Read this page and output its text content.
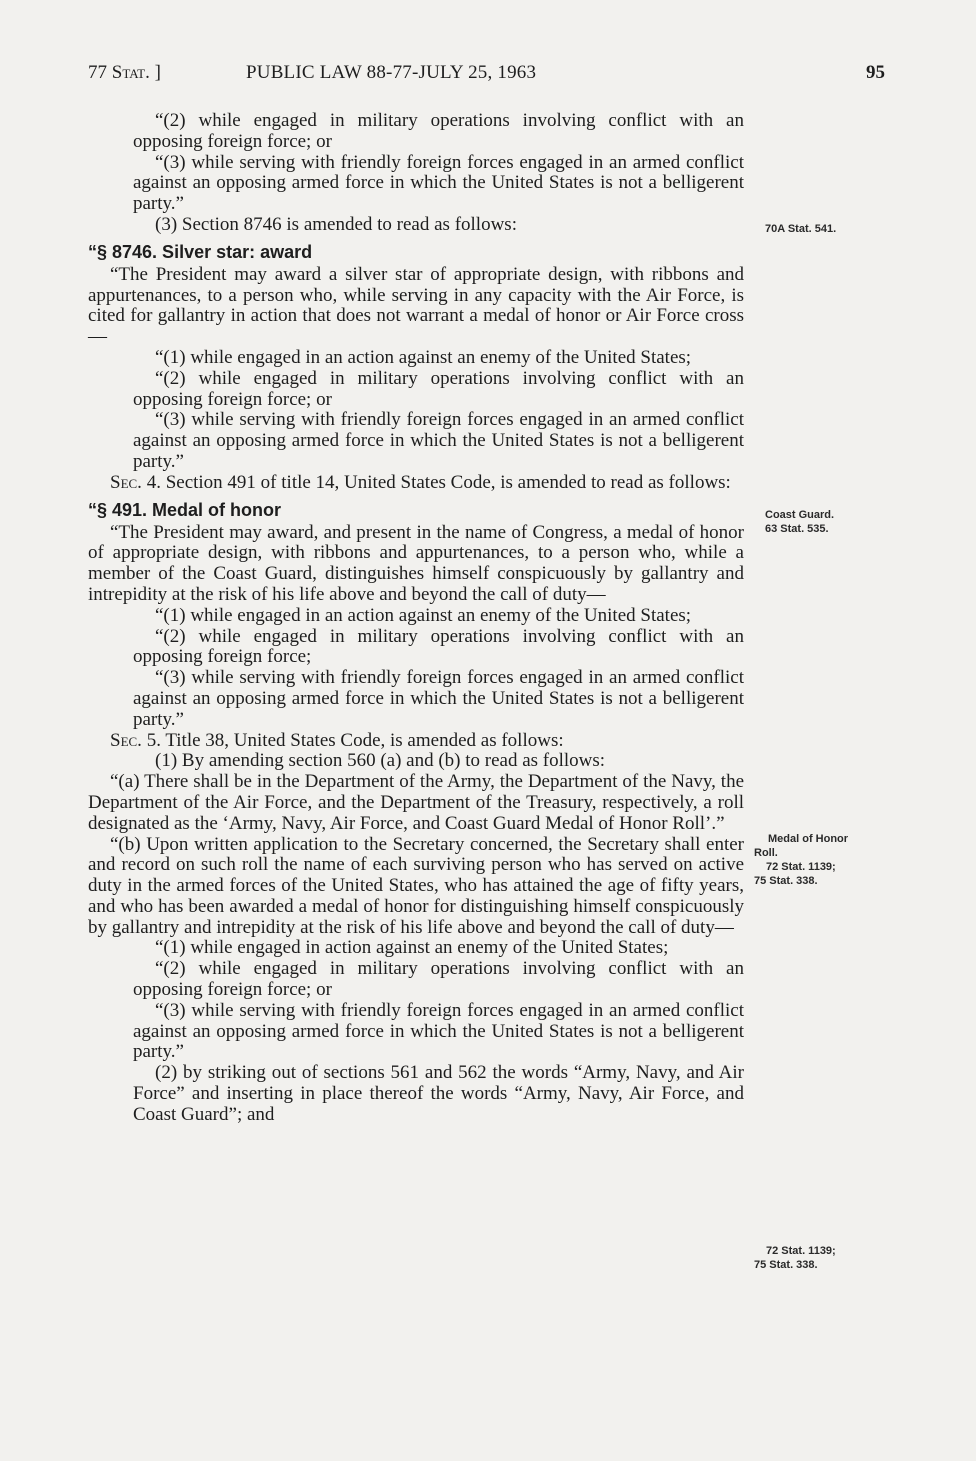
77 Stat. ]	PUBLIC LAW 88-77-JULY 25, 1963	95

“(2) while engaged in military operations involving conflict with an opposing foreign force; or

“(3) while serving with friendly foreign forces engaged in an armed conflict against an opposing armed force in which the United States is not a belligerent party.”

(3) Section 8746 is amended to read as follows:

“§ 8746. Silver star: award

“The President may award a silver star of appropriate design, with ribbons and appurtenances, to a person who, while serving in any capacity with the Air Force, is cited for gallantry in action that does not warrant a medal of honor or Air Force cross—

“(1) while engaged in an action against an enemy of the United States;

“(2) while engaged in military operations involving conflict with an opposing foreign force; or

“(3) while serving with friendly foreign forces engaged in an armed conflict against an opposing armed force in which the United States is not a belligerent party.”

Sec. 4. Section 491 of title 14, United States Code, is amended to read as follows:

“§ 491. Medal of honor

“The President may award, and present in the name of Congress, a medal of honor of appropriate design, with ribbons and appurtenances, to a person who, while a member of the Coast Guard, distinguishes himself conspicuously by gallantry and intrepidity at the risk of his life above and beyond the call of duty—

“(1) while engaged in an action against an enemy of the United States;

“(2) while engaged in military operations involving conflict with an opposing foreign force;

“(3) while serving with friendly foreign forces engaged in an armed conflict against an opposing armed force in which the United States is not a belligerent party.”

Sec. 5. Title 38, United States Code, is amended as follows:

(1) By amending section 560 (a) and (b) to read as follows:

“(a) There shall be in the Department of the Army, the Department of the Navy, the Department of the Air Force, and the Department of the Treasury, respectively, a roll designated as the ‘Army, Navy, Air Force, and Coast Guard Medal of Honor Roll’.”

“(b) Upon written application to the Secretary concerned, the Secretary shall enter and record on such roll the name of each surviving person who has served on active duty in the armed forces of the United States, who has attained the age of fifty years, and who has been awarded a medal of honor for distinguishing himself conspicuously by gallantry and intrepidity at the risk of his life above and beyond the call of duty—

“(1) while engaged in action against an enemy of the United States;

“(2) while engaged in military operations involving conflict with an opposing foreign force; or

“(3) while serving with friendly foreign forces engaged in an armed conflict against an opposing armed force in which the United States is not a belligerent party.”

(2) by striking out of sections 561 and 562 the words “Army, Navy, and Air Force” and inserting in place thereof the words “Army, Navy, Air Force, and Coast Guard”; and

70A Stat. 541.
Coast Guard.
63 Stat. 535.
Medal of Honor
Roll.
72 Stat. 1139;
75 Stat. 338.
72 Stat. 1139;
75 Stat. 338.
